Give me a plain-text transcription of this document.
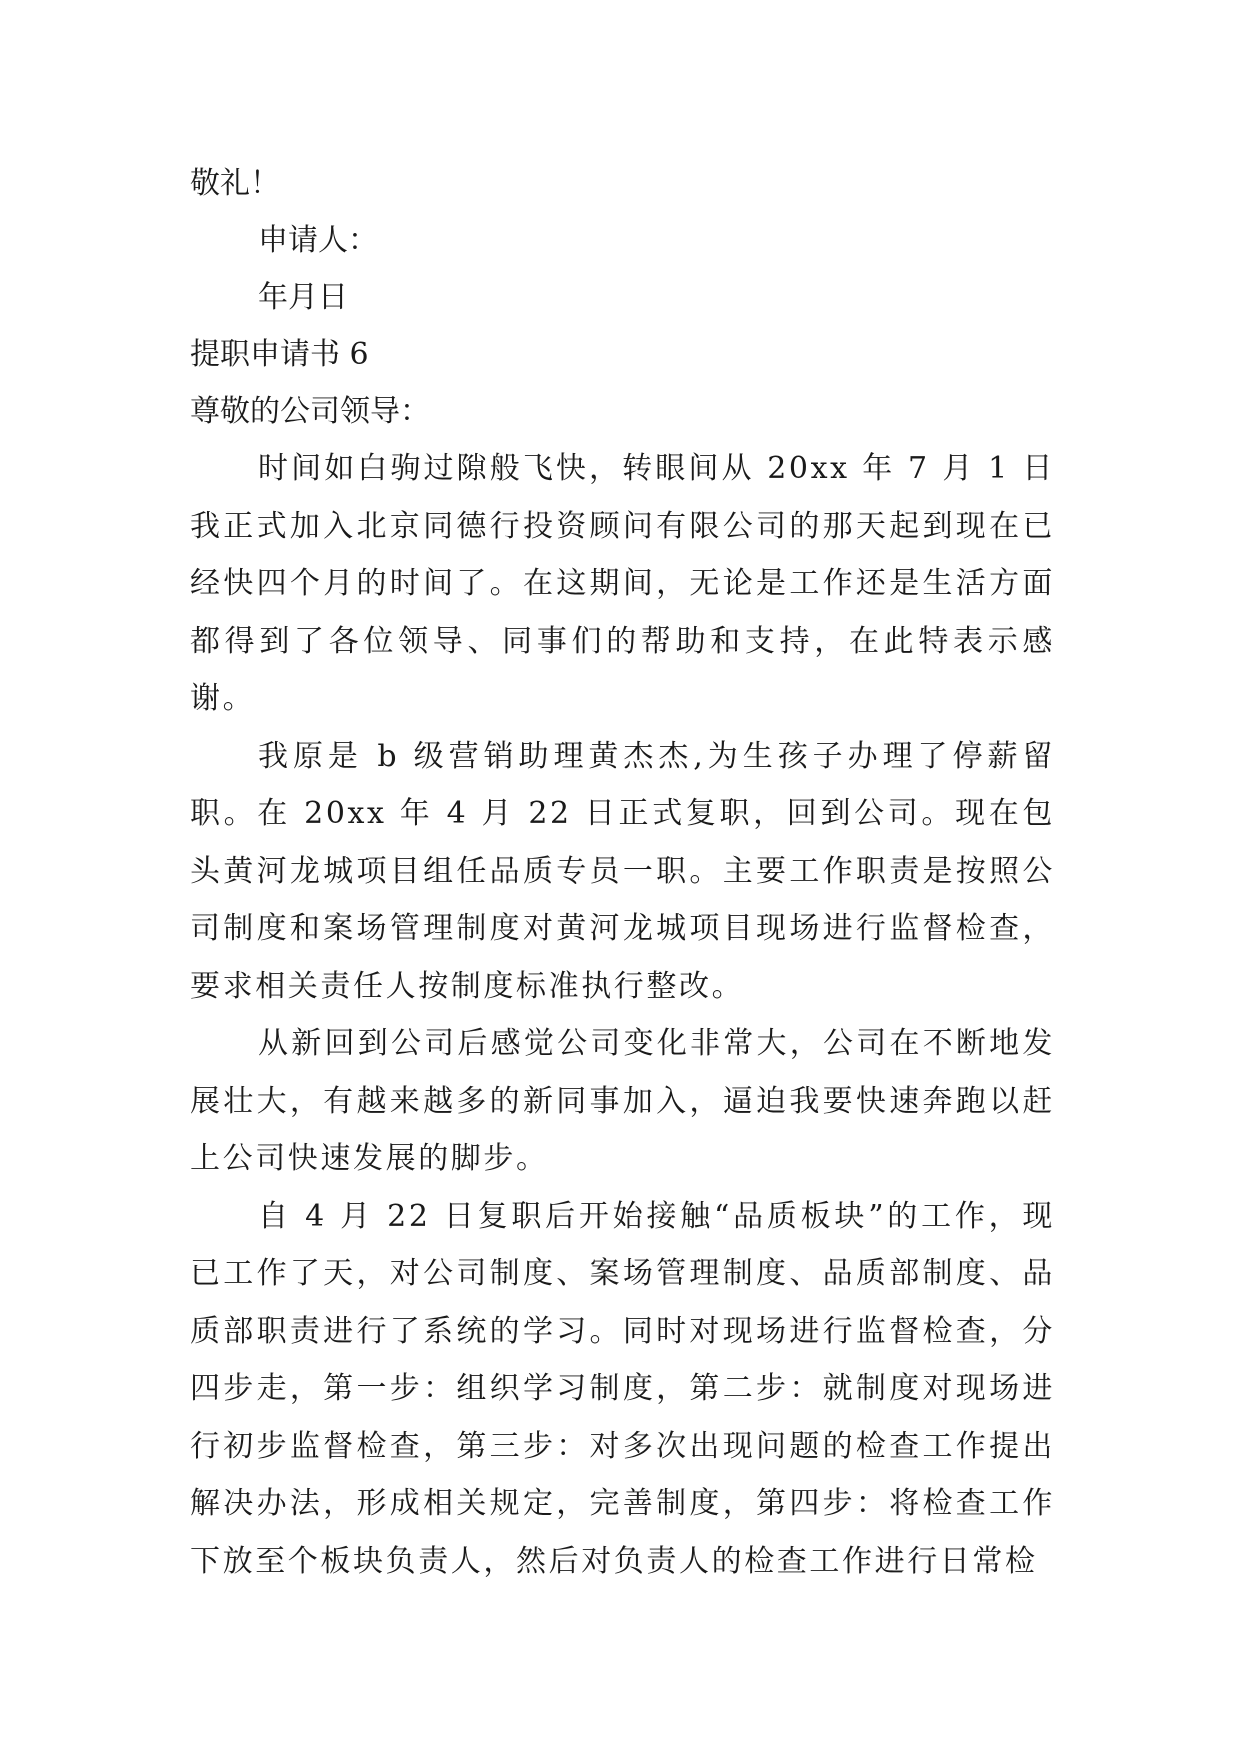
敬礼！

申请人：

年月日

提职申请书 6

尊敬的公司领导：

时间如白驹过隙般飞快，转眼间从 20xx 年 7 月 1 日我正式加入北京同德行投资顾问有限公司的那天起到现在已经快四个月的时间了。在这期间，无论是工作还是生活方面都得到了各位领导、同事们的帮助和支持，在此特表示感谢。

我原是 b 级营销助理黄杰杰,为生孩子办理了停薪留职。在 20xx 年 4 月 22 日正式复职，回到公司。现在包头黄河龙城项目组任品质专员一职。主要工作职责是按照公司制度和案场管理制度对黄河龙城项目现场进行监督检查，要求相关责任人按制度标准执行整改。

从新回到公司后感觉公司变化非常大，公司在不断地发展壮大，有越来越多的新同事加入，逼迫我要快速奔跑以赶上公司快速发展的脚步。

自 4 月 22 日复职后开始接触“品质板块”的工作，现已工作了天，对公司制度、案场管理制度、品质部制度、品质部职责进行了系统的学习。同时对现场进行监督检查，分四步走，第一步：组织学习制度，第二步：就制度对现场进行初步监督检查，第三步：对多次出现问题的检查工作提出解决办法，形成相关规定，完善制度，第四步：将检查工作下放至个板块负责人，然后对负责人的检查工作进行日常检
